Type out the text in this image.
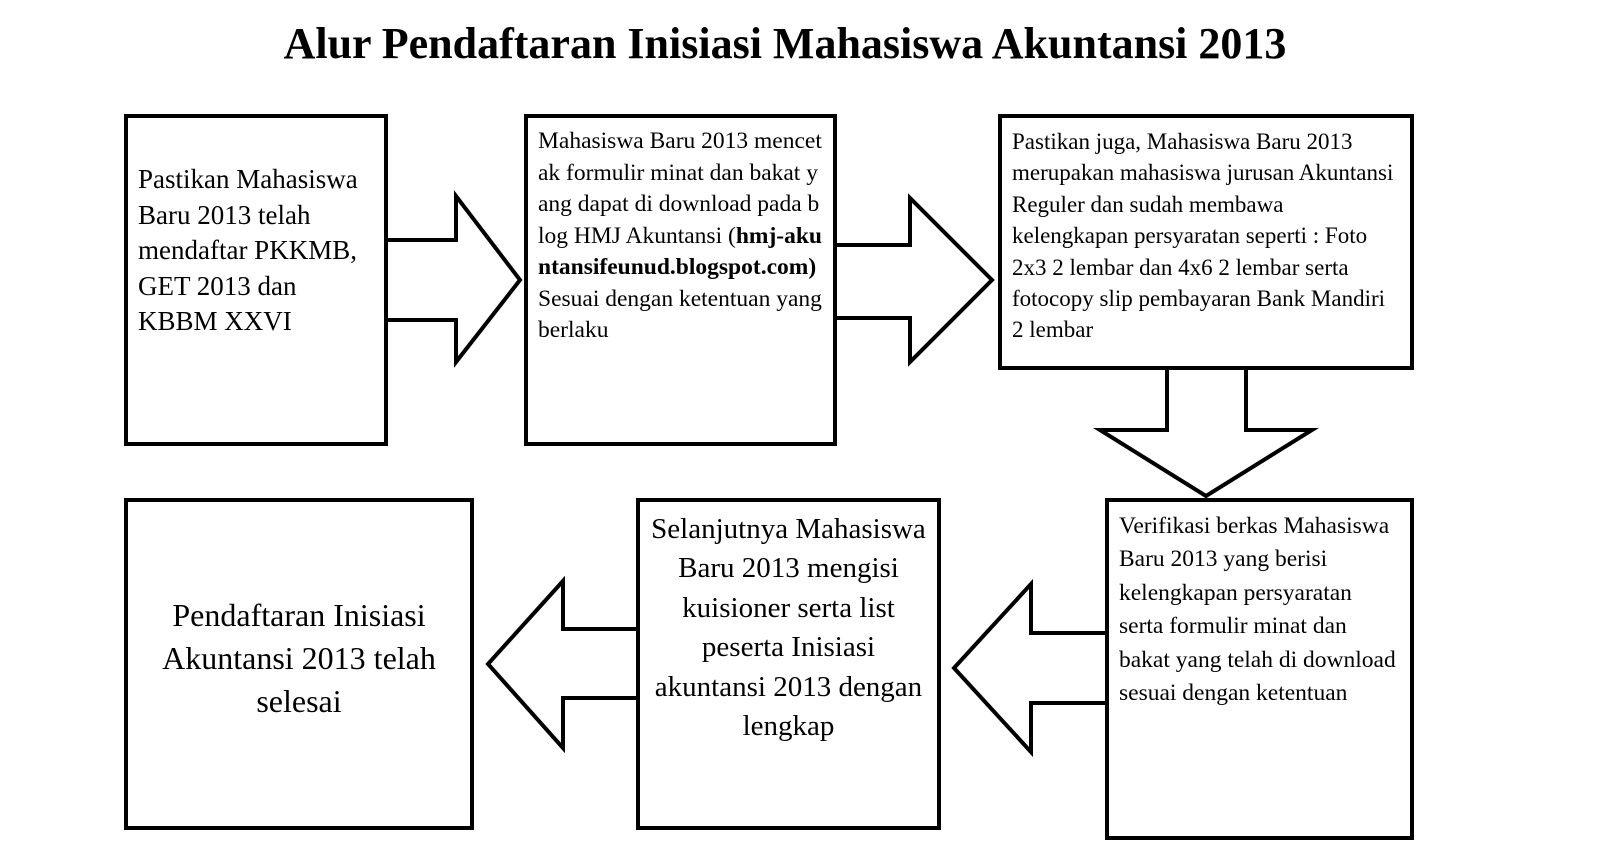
Alur Pendaftaran Inisiasi Mahasiswa Akuntansi 2013
Pastikan Mahasiswa Baru 2013 telah mendaftar PKKMB, GET 2013 dan KBBM XXVI
Mahasiswa Baru 2013 mencetak formulir minat dan bakat yang dapat di download pada blog HMJ Akuntansi (hmj-akuntansifeunud.blogspot.com)
Sesuai dengan ketentuan yang berlaku
Pastikan juga, Mahasiswa Baru 2013 merupakan mahasiswa jurusan Akuntansi Reguler dan sudah membawa kelengkapan persyaratan seperti : Foto 2x3 2 lembar dan 4x6 2 lembar serta fotocopy slip pembayaran Bank Mandiri 2 lembar
Verifikasi berkas Mahasiswa Baru 2013 yang berisi kelengkapan persyaratan serta formulir minat dan bakat yang telah di download sesuai dengan ketentuan
Selanjutnya Mahasiswa Baru 2013 mengisi kuisioner serta list peserta Inisiasi akuntansi 2013 dengan lengkap
Pendaftaran Inisiasi Akuntansi 2013 telah selesai
